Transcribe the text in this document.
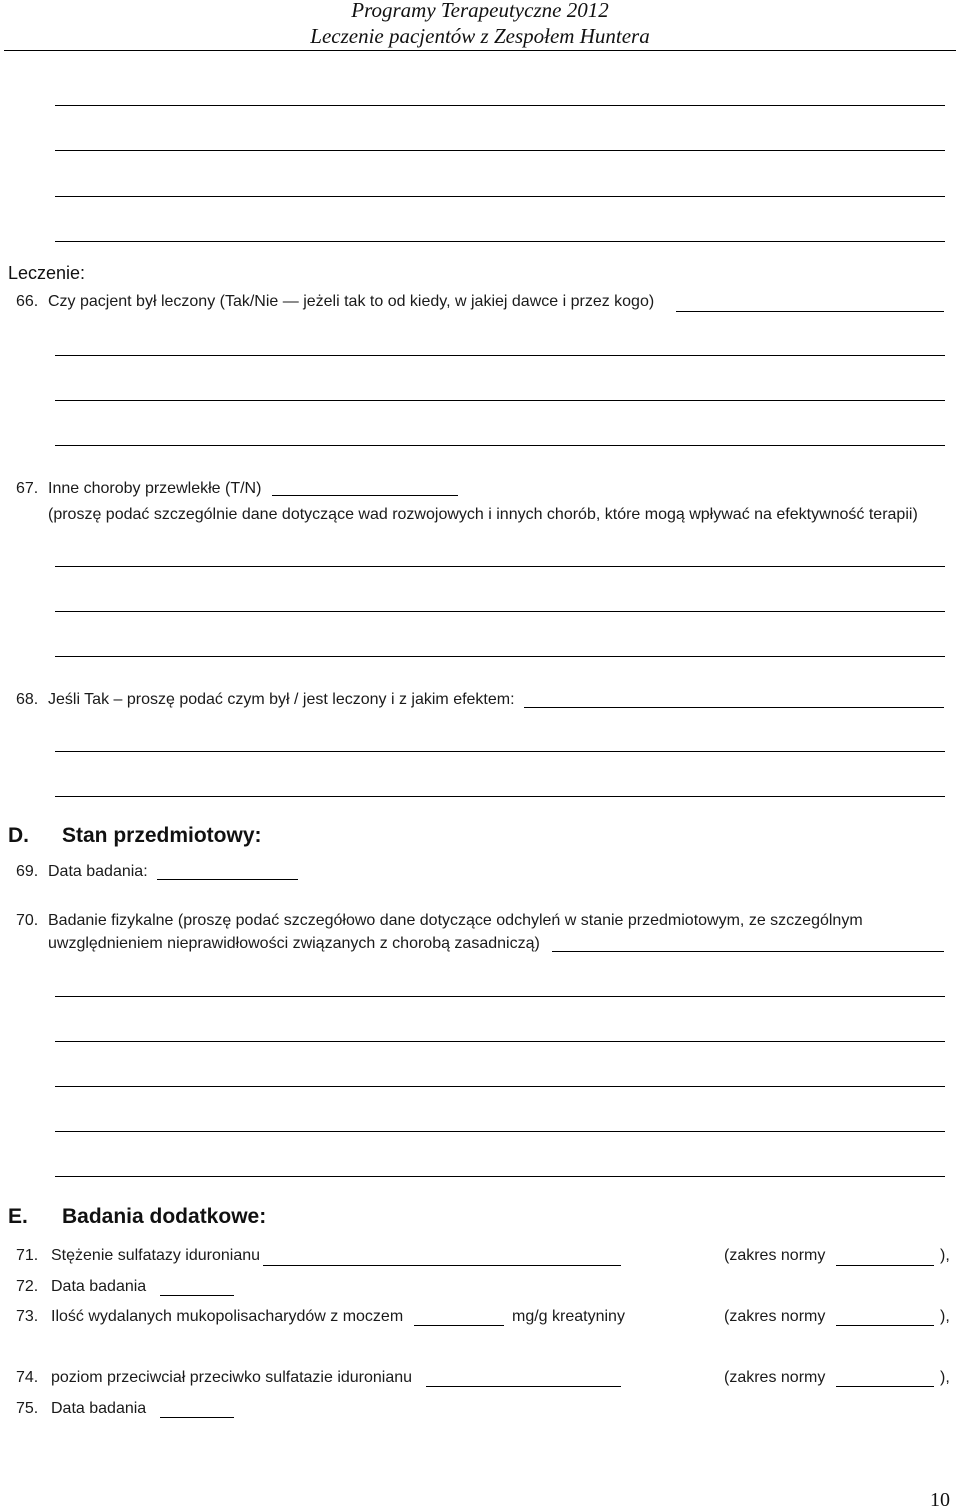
Programy Terapeutyczne 2012
Leczenie pacjentów z Zespołem Huntera
Leczenie:
66. Czy pacjent był leczony (Tak/Nie — jeżeli tak to od kiedy, w jakiej dawce i przez kogo)
67. Inne choroby przewlekłe (T/N)
(proszę podać szczególnie dane dotyczące wad rozwojowych i innych chorób, które mogą wpływać na efektywność terapii)
68. Jeśli Tak – proszę podać czym był / jest leczony i z jakim efektem:
D. Stan przedmiotowy:
69. Data badania:
70. Badanie fizykalne (proszę podać szczegółowo dane dotyczące odchyleń w stanie przedmiotowym, ze szczególnym
uwzględnieniem nieprawidłowości związanych z chorobą zasadniczą)
E. Badania dodatkowe:
71. Stężenie sulfatazy iduronianu	(zakres normy	),
72. Data badania
73. Ilość wydalanych mukopolisacharydów z moczem	mg/g kreatyniny	(zakres normy	),
74. poziom przeciwciał przeciwko sulfatazie iduronianu	(zakres normy	),
75. Data badania
10
